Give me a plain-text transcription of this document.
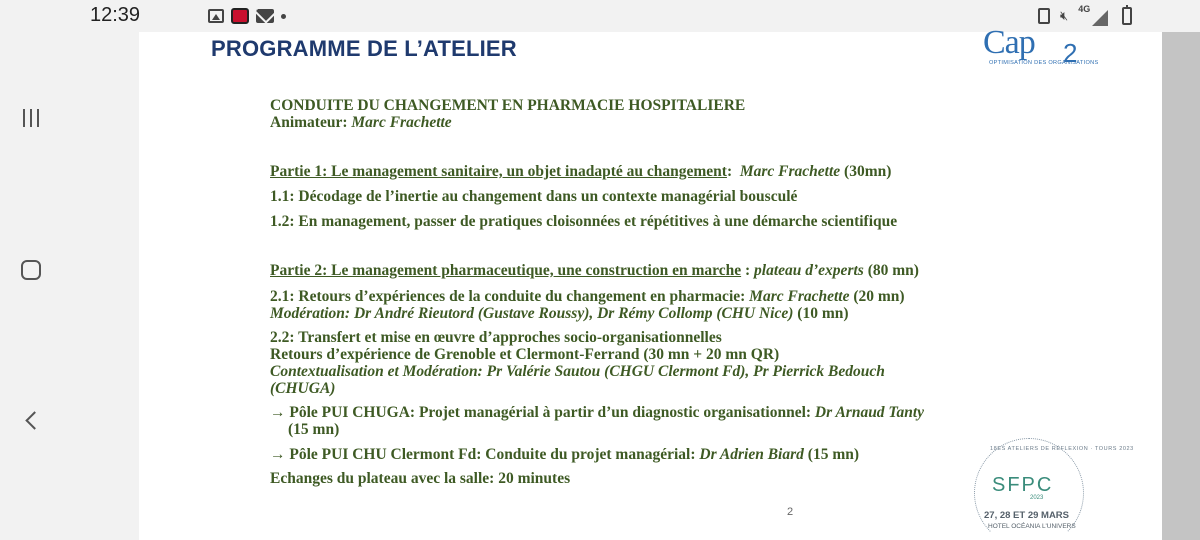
12:39	🔇︎ 4G
PROGRAMME DE L’ATELIER	Cap 2
OPTIMISATION DES ORGANISATIONS

CONDUITE DU CHANGEMENT EN PHARMACIE HOSPITALIERE

Animateur: Marc Frachette

Partie 1: Le management sanitaire, un objet inadapté au changement: Marc Frachette (30mn)

1.1: Décodage de l’inertie au changement dans un contexte managérial bousculé

1.2: En management, passer de pratiques cloisonnées et répétitives à une démarche scientifique

Partie 2: Le management pharmaceutique, une construction en marche : plateau d’experts (80 mn)

2.1: Retours d’expériences de la conduite du changement en pharmacie: Marc Frachette (20 mn)

Modération: Dr André Rieutord (Gustave Roussy), Dr Rémy Collomp (CHU Nice) (10 mn)

2.2: Transfert et mise en œuvre d’approches socio-organisationnelles

Retours d’expérience de Grenoble et Clermont-Ferrand (30 mn + 20 mn QR)

Contextualisation et Modération: Pr Valérie Sautou (CHGU Clermont Fd), Pr Pierrick Bedouch

(CHUGA)

→ Pôle PUI CHUGA: Projet managérial à partir d’un diagnostic organisationnel: Dr Arnaud Tanty

(15 mn)

→ Pôle PUI CHU Clermont Fd: Conduite du projet managérial: Dr Adrien Biard (15 mn)

Echanges du plateau avec la salle: 20 minutes

2
18ES ATELIERS DE RÉFLEXION · TOURS 2023
SFPC
2023
27, 28 ET 29 MARS
HOTEL OCÉANIA L'UNIVERS
